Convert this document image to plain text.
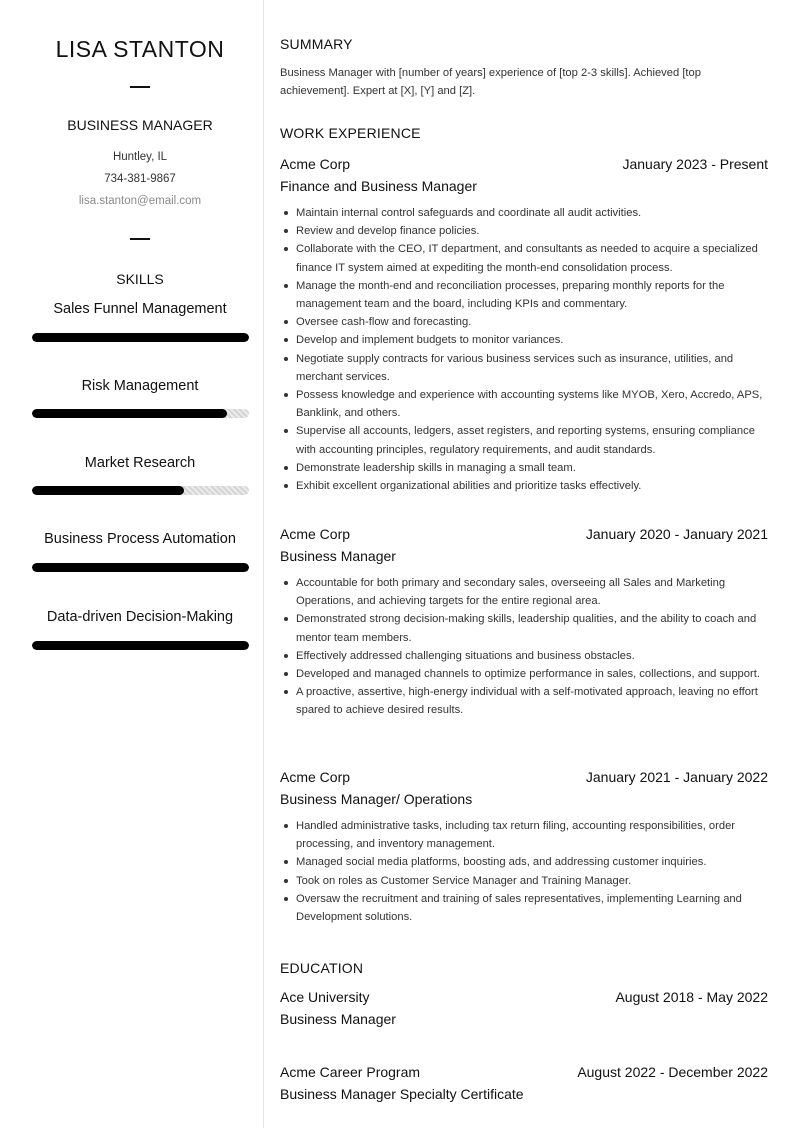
LISA STANTON
BUSINESS MANAGER
Huntley, IL
734-381-9867
lisa.stanton@email.com
SKILLS
Sales Funnel Management
Risk Management
Market Research
Business Process Automation
Data-driven Decision-Making
SUMMARY

Business Manager with [number of years] experience of [top 2-3 skills]. Achieved [top achievement]. Expert at [X], [Y] and [Z].

WORK EXPERIENCE
Acme Corp	January 2023 - Present
Finance and Business Manager
Maintain internal control safeguards and coordinate all audit activities.
Review and develop finance policies.
Collaborate with the CEO, IT department, and consultants as needed to acquire a specialized finance IT system aimed at expediting the month-end consolidation process.
Manage the month-end and reconciliation processes, preparing monthly reports for the management team and the board, including KPIs and commentary.
Oversee cash-flow and forecasting.
Develop and implement budgets to monitor variances.
Negotiate supply contracts for various business services such as insurance, utilities, and merchant services.
Possess knowledge and experience with accounting systems like MYOB, Xero, Accredo, APS, Banklink, and others.
Supervise all accounts, ledgers, asset registers, and reporting systems, ensuring compliance with accounting principles, regulatory requirements, and audit standards.
Demonstrate leadership skills in managing a small team.
Exhibit excellent organizational abilities and prioritize tasks effectively.
Acme Corp	January 2020 - January 2021
Business Manager
Accountable for both primary and secondary sales, overseeing all Sales and Marketing Operations, and achieving targets for the entire regional area.
Demonstrated strong decision-making skills, leadership qualities, and the ability to coach and mentor team members.
Effectively addressed challenging situations and business obstacles.
Developed and managed channels to optimize performance in sales, collections, and support.
A proactive, assertive, high-energy individual with a self-motivated approach, leaving no effort spared to achieve desired results.
Acme Corp	January 2021 - January 2022
Business Manager/ Operations
Handled administrative tasks, including tax return filing, accounting responsibilities, order processing, and inventory management.
Managed social media platforms, boosting ads, and addressing customer inquiries.
Took on roles as Customer Service Manager and Training Manager.
Oversaw the recruitment and training of sales representatives, implementing Learning and Development solutions.
EDUCATION
Ace University	August 2018 - May 2022
Business Manager
Acme Career Program	August 2022 - December 2022
Business Manager Specialty Certificate
